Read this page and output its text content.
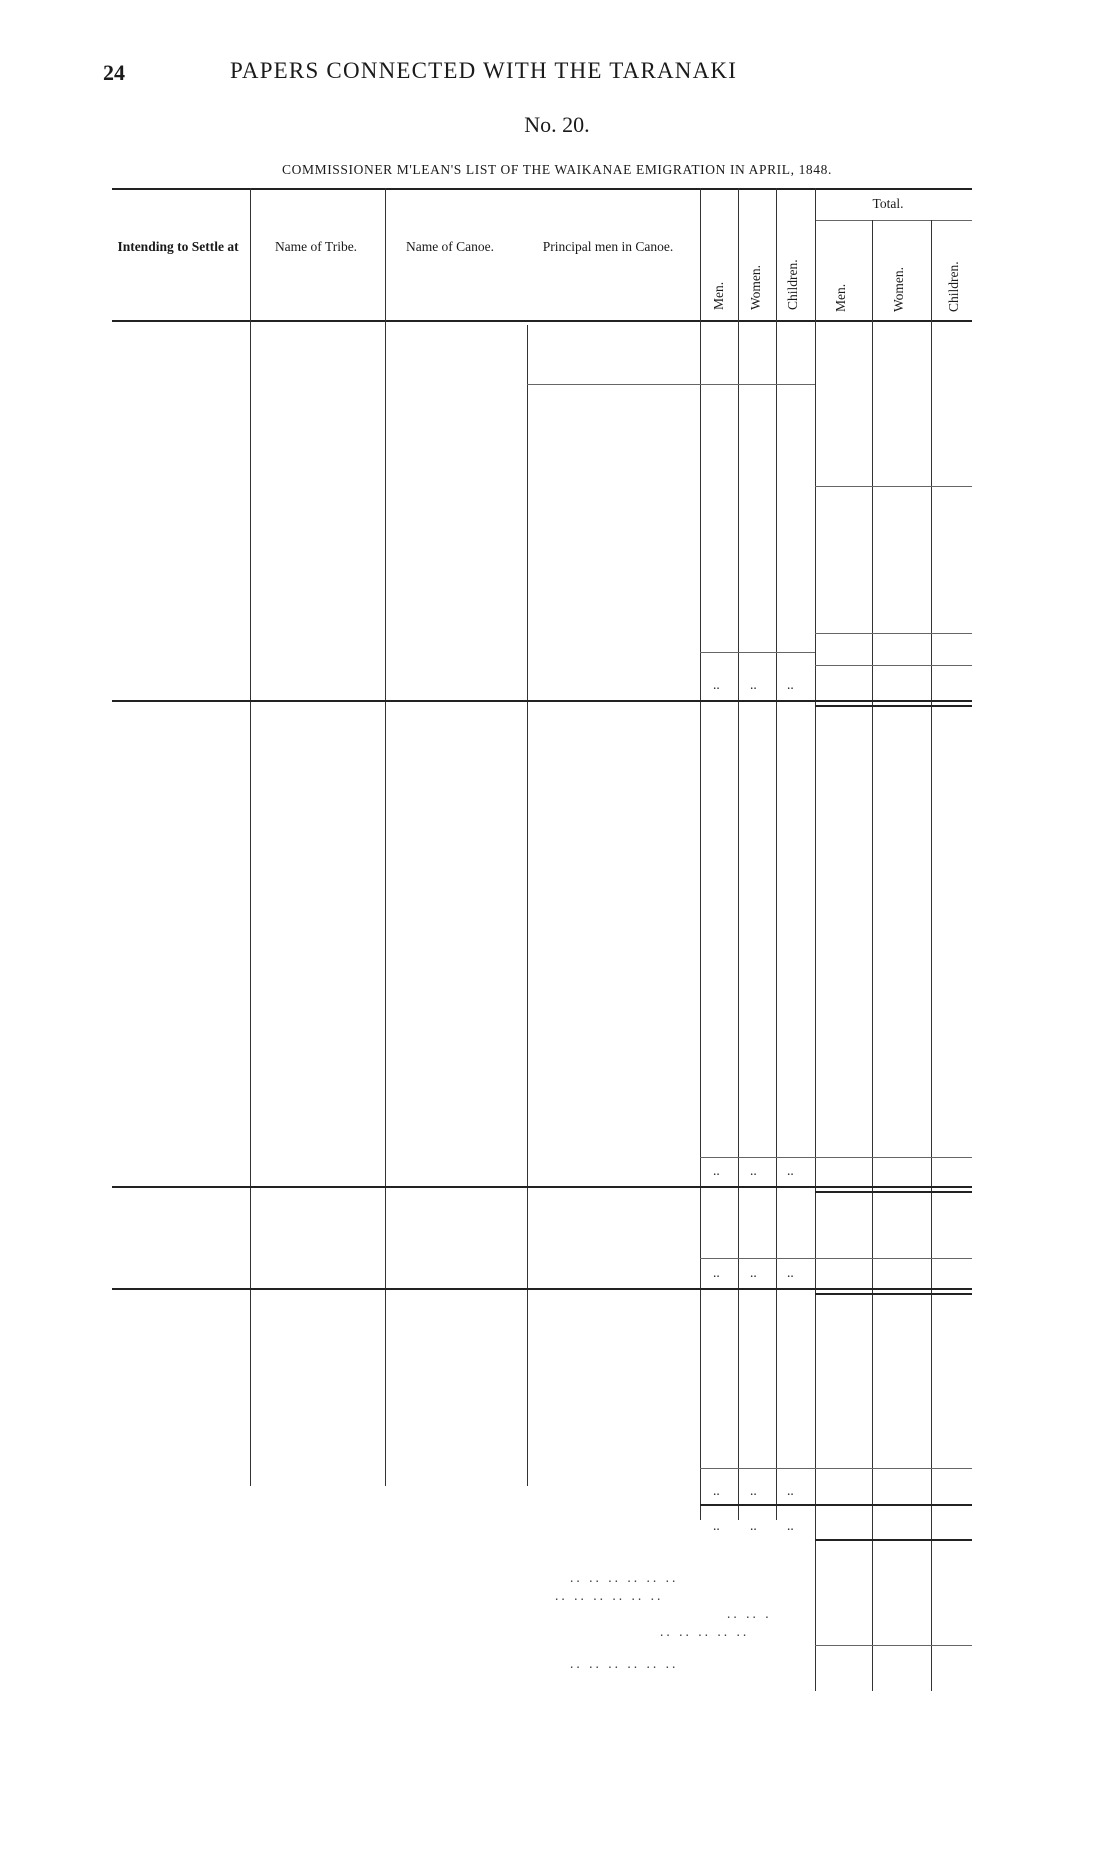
24	PAPERS CONNECTED WITH THE TARANAKI
No. 20.
COMMISSIONER M'LEAN'S LIST OF THE WAIKANAE EMIGRATION IN APRIL, 1848.
Intending to Settle at	Name of Tribe.	Name of Canoe.	Principal men in Canoe.
Total.
Men. Women. Children. Men.	Women.	Children.
.. .. ..
.. .. ..
.. .. ..
.. .. ..
.. .. ..
.. .. .. .. .. ..
.. .. .. .. .. ..
.. .. .
.. .. .. .. ..
.. .. .. .. .. ..
